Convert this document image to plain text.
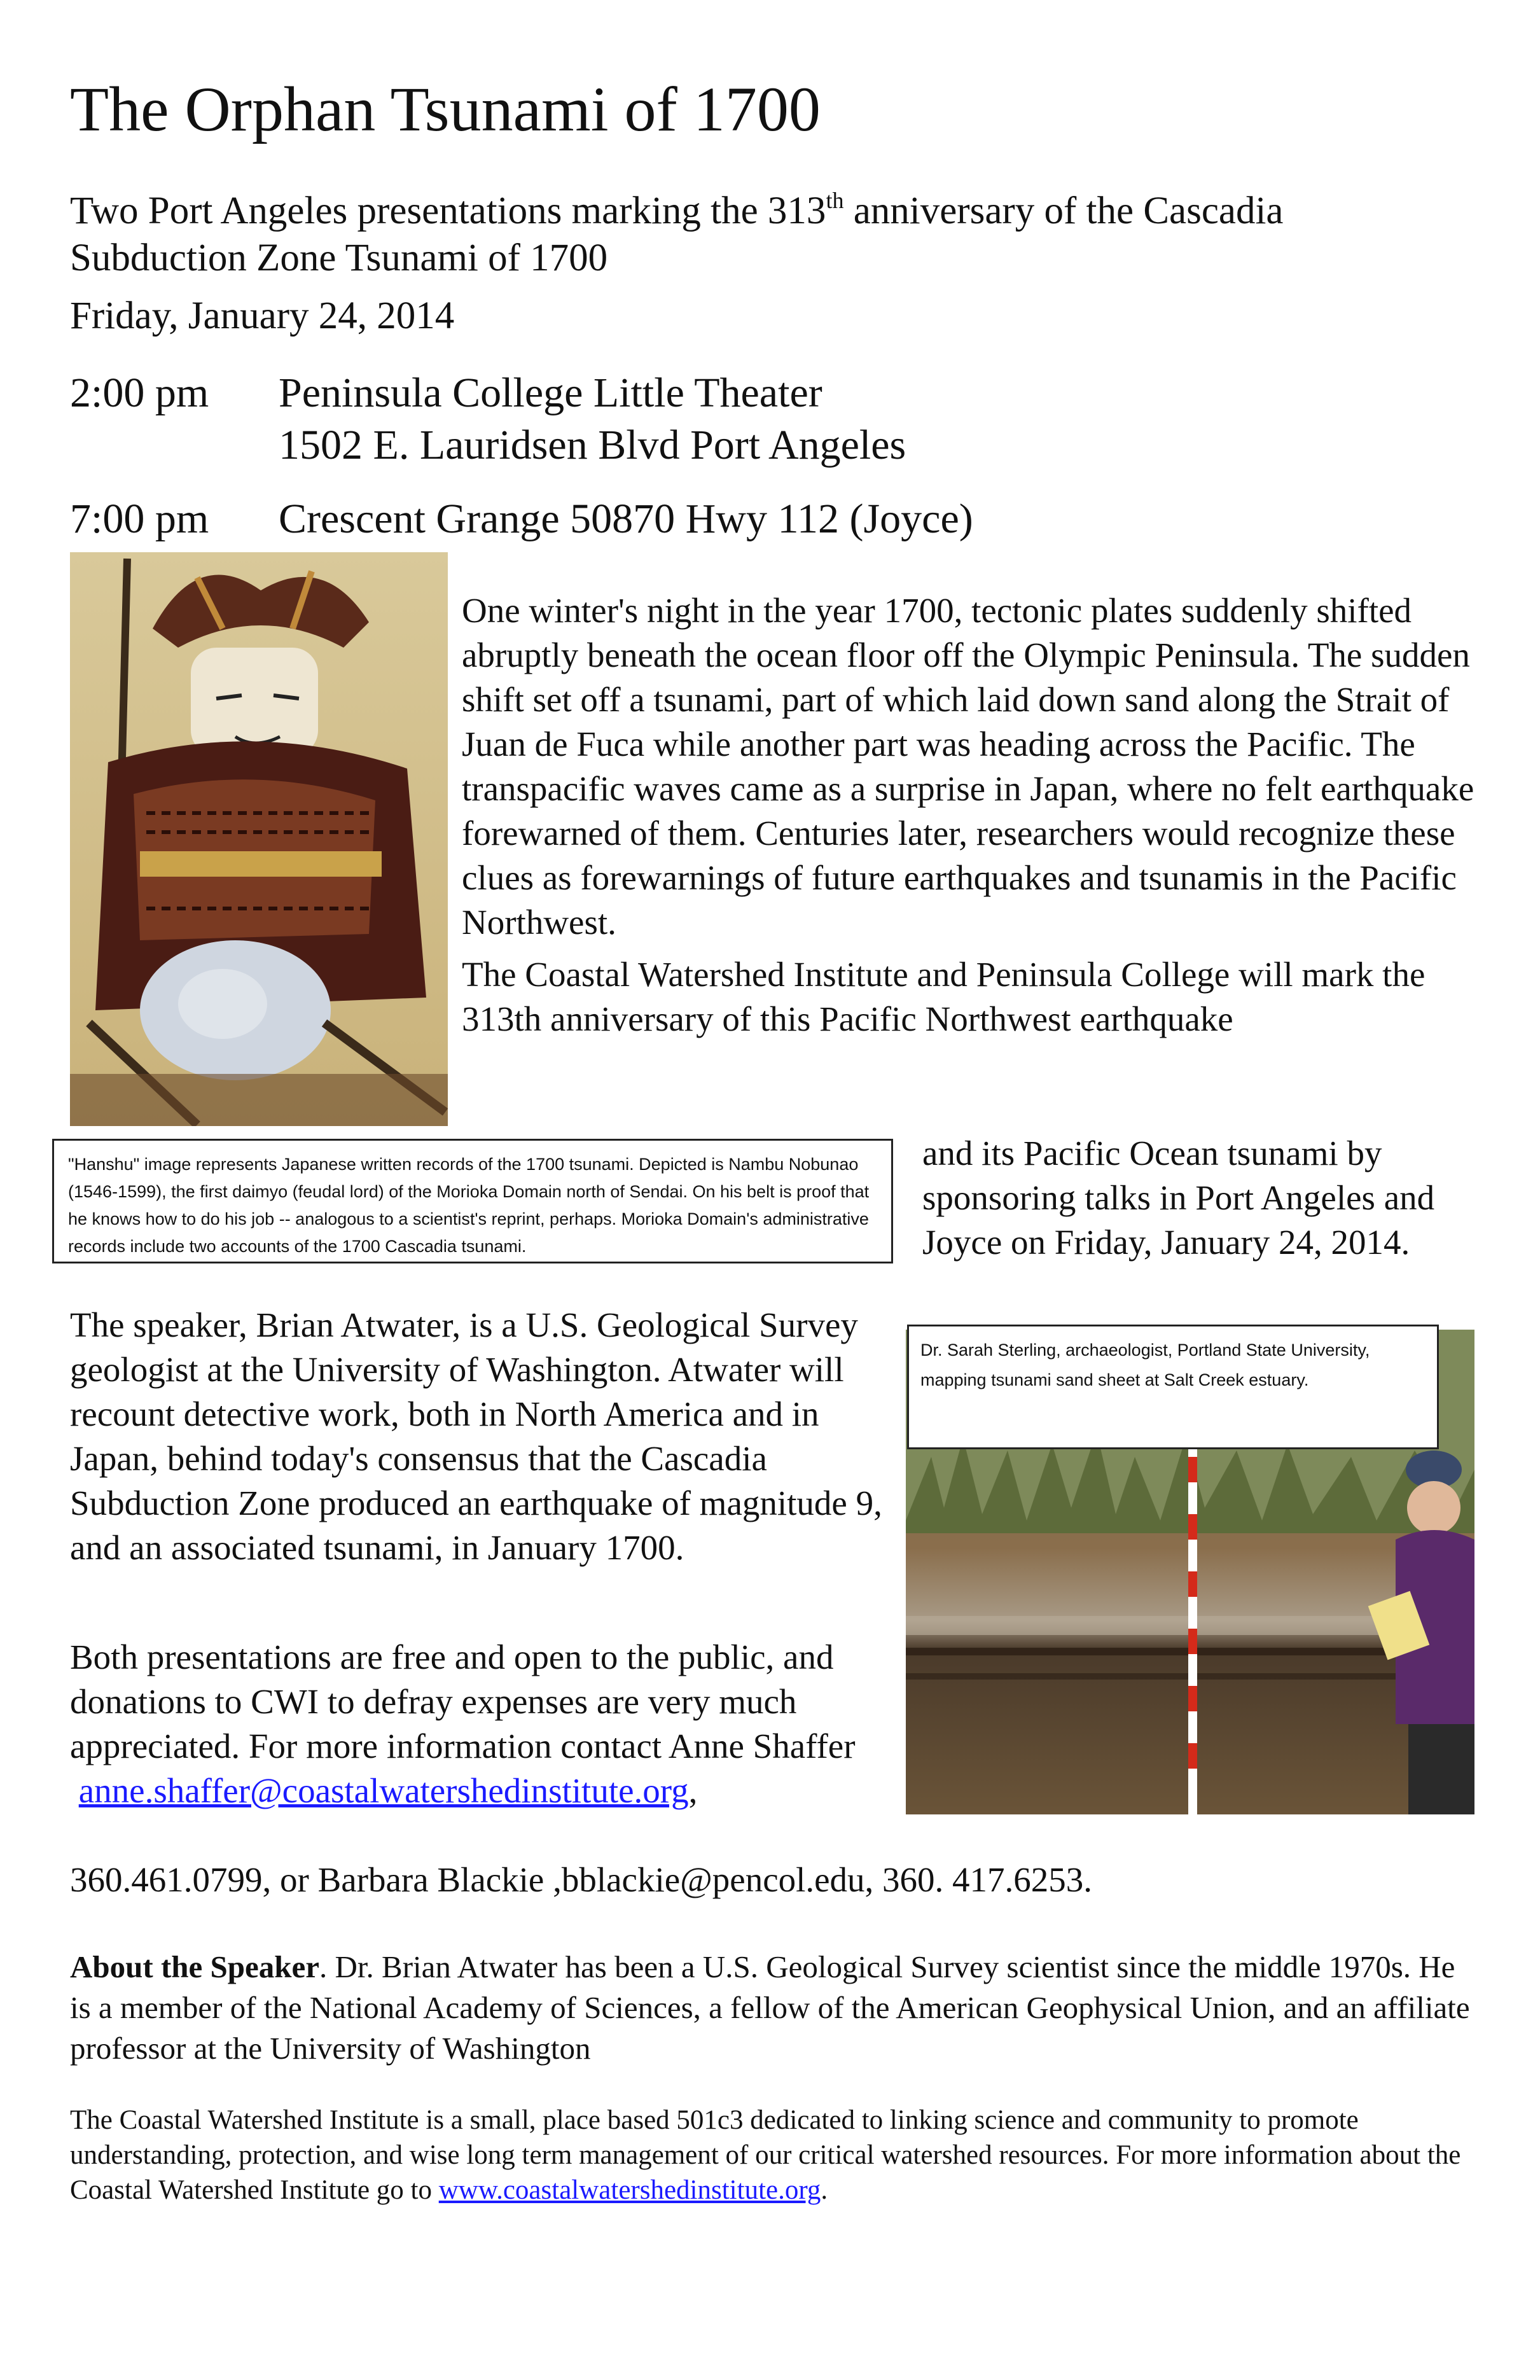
The Orphan Tsunami of 1700
Two Port Angeles presentations marking the 313th anniversary of the Cascadia Subduction Zone Tsunami of 1700
Friday, January 24, 2014
2:00 pm Peninsula College Little Theater
1502 E. Lauridsen Blvd Port Angeles
7:00 pm Crescent Grange 50870 Hwy 112 (Joyce)

One winter's night in the year 1700, tectonic plates suddenly shifted abruptly beneath the ocean floor off the Olympic Peninsula. The sudden shift set off a tsunami, part of which laid down sand along the Strait of Juan de Fuca while another part was heading across the Pacific. The transpacific waves came as a surprise in Japan, where no felt earthquake forewarned of them. Centuries later, researchers would recognize these clues as forewarnings of future earthquakes and tsunamis in the Pacific Northwest.

The Coastal Watershed Institute and Peninsula College will mark the 313th anniversary of this Pacific Northwest earthquake

"Hanshu" image represents Japanese written records of the 1700 tsunami. Depicted is Nambu Nobunao (1546-1599), the first daimyo (feudal lord) of the Morioka Domain north of Sendai. On his belt is proof that he knows how to do his job -- analogous to a scientist's reprint, perhaps. Morioka Domain's administrative records include two accounts of the 1700 Cascadia tsunami.
and its Pacific Ocean tsunami by sponsoring talks in Port Angeles and Joyce on Friday, January 24, 2014.
The speaker, Brian Atwater, is a U.S. Geological Survey geologist at the University of Washington. Atwater will recount detective work, both in North America and in Japan, behind today's consensus that the Cascadia Subduction Zone produced an earthquake of magnitude 9, and an associated tsunami, in January 1700.
Both presentations are free and open to the public, and donations to CWI to defray expenses are very much appreciated. For more information contact Anne Shaffer
anne.shaffer@coastalwatershedinstitute.org,
360.461.0799, or Barbara Blackie ,bblackie@pencol.edu, 360. 417.6253.
Dr. Sarah Sterling, archaeologist, Portland State University, mapping tsunami sand sheet at Salt Creek estuary.
About the Speaker. Dr. Brian Atwater has been a U.S. Geological Survey scientist since the middle 1970s. He is a member of the National Academy of Sciences, a fellow of the American Geophysical Union, and an affiliate professor at the University of Washington
The Coastal Watershed Institute is a small, place based 501c3 dedicated to linking science and community to promote understanding, protection, and wise long term management of our critical watershed resources. For more information about the Coastal Watershed Institute go to www.coastalwatershedinstitute.org.
